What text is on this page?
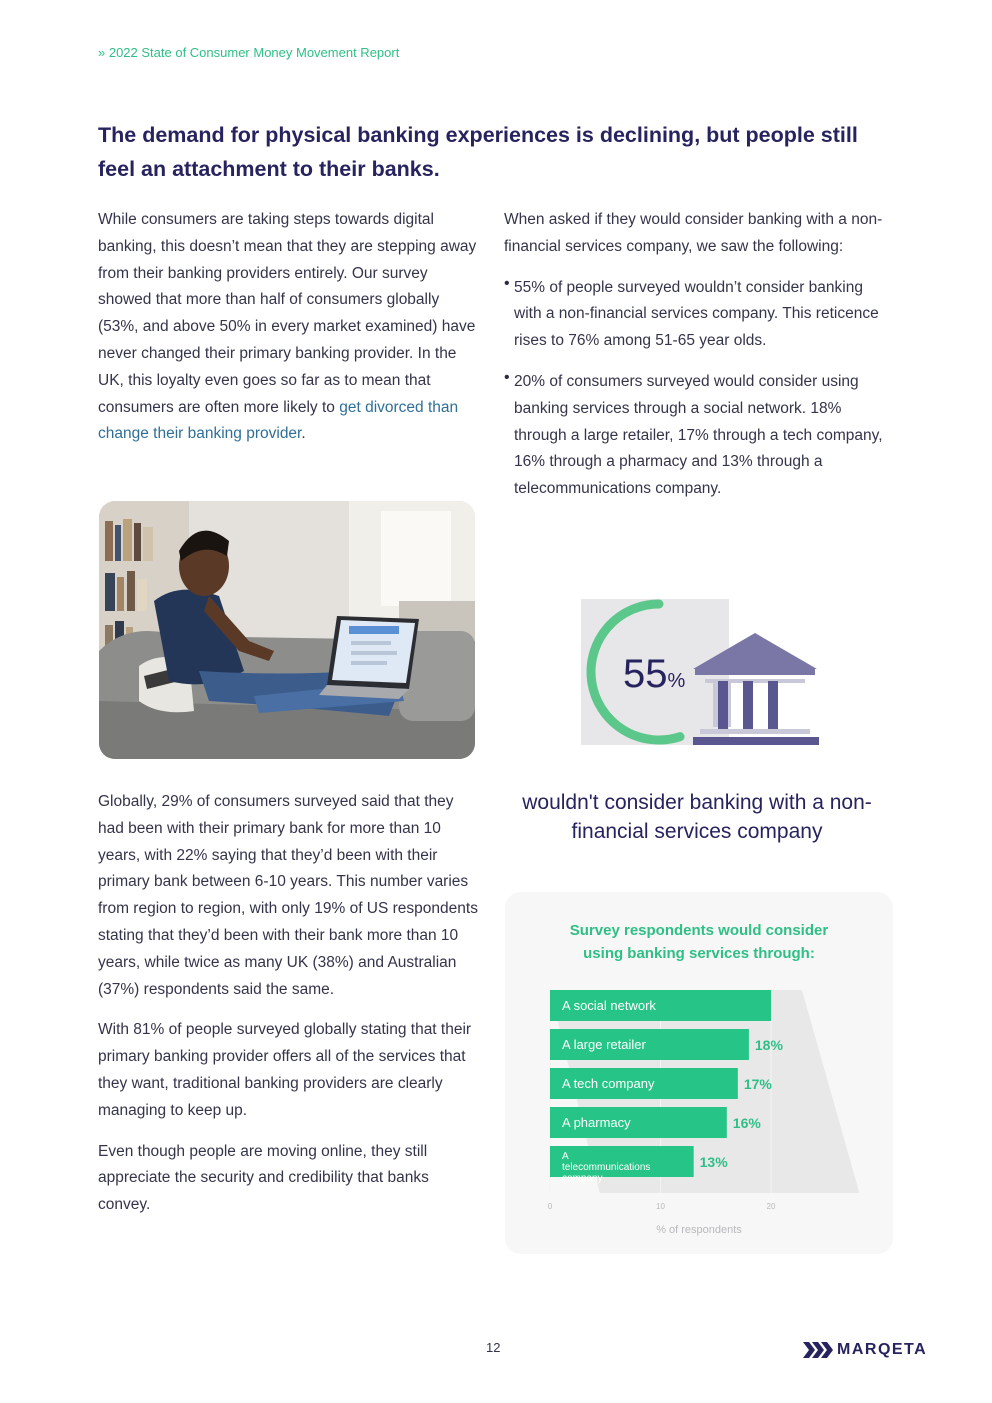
» 2022 State of Consumer Money Movement Report
The demand for physical banking experiences is declining, but people still feel an attachment to their banks.

While consumers are taking steps towards digital banking, this doesn’t mean that they are stepping away from their banking providers entirely. Our survey showed that more than half of consumers globally (53%, and above 50% in every market examined) have never changed their primary banking provider. In the UK, this loyalty even goes so far as to mean that consumers are often more likely to get divorced than change their banking provider.

When asked if they would consider banking with a non-financial services company, we saw the following:

• 55% of people surveyed wouldn’t consider banking with a non-financial services company. This reticence rises to 76% among 51-65 year olds.
• 20% of consumers surveyed would consider using banking services through a social network. 18% through a large retailer, 17% through a tech company, 16% through a pharmacy and 13% through a telecommunications company.
55%
wouldn't consider banking with a non-financial services company
Survey respondents would consider using banking services through:
A social network
A large retailer	18%
A tech company	17%
A pharmacy	16%
A telecommunications company
13%
0	10	20
% of respondents

Globally, 29% of consumers surveyed said that they had been with their primary bank for more than 10 years, with 22% saying that they’d been with their primary bank between 6-10 years. This number varies from region to region, with only 19% of US respondents stating that they’d been with their bank more than 10 years, while twice as many UK (38%) and Australian (37%) respondents said the same.

With 81% of people surveyed globally stating that their primary banking provider offers all of the services that they want, traditional banking providers are clearly managing to keep up.

Even though people are moving online, they still appreciate the security and credibility that banks convey.

12	MARQETA
